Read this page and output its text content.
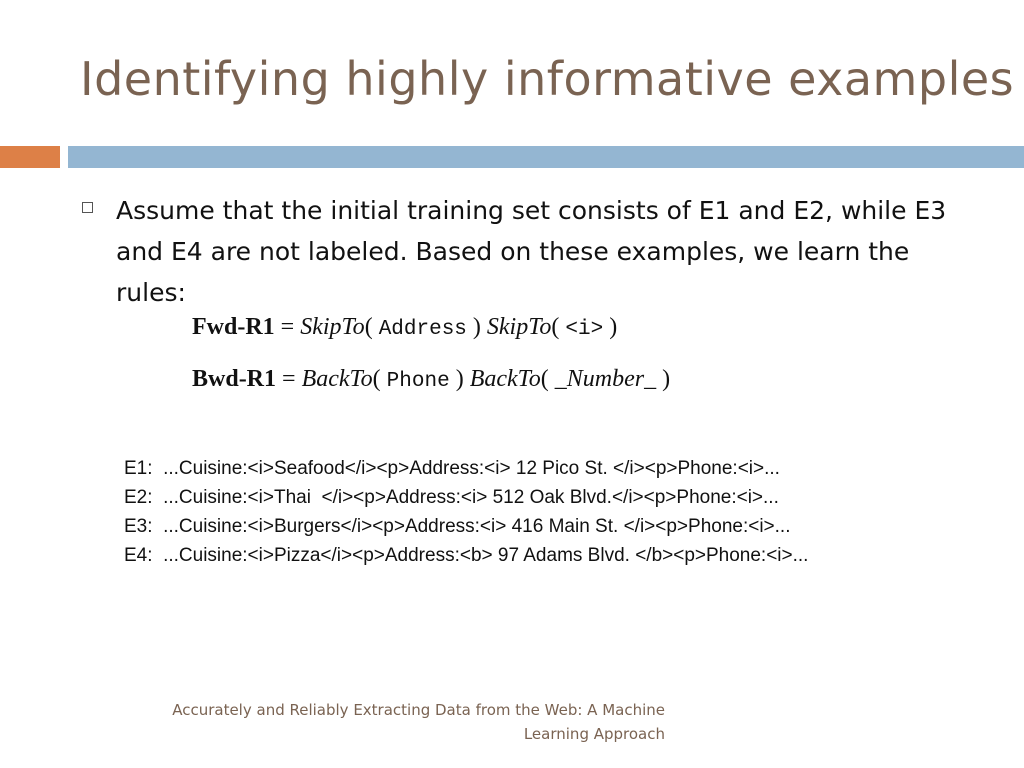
Identifying highly informative examples
Assume that the initial training set consists of E1 and E2, while E3 and E4 are not labeled. Based on these examples, we learn the rules:
Fwd-R1 = SkipTo( Address ) SkipTo( <i> )
Bwd-R1 = BackTo( Phone ) BackTo( _Number_ )
E1:  ...Cuisine:<i>Seafood</i><p>Address:<i> 12 Pico St. </i><p>Phone:<i>...
E2:  ...Cuisine:<i>Thai  </i><p>Address:<i> 512 Oak Blvd.</i><p>Phone:<i>...
E3:  ...Cuisine:<i>Burgers</i><p>Address:<i> 416 Main St. </i><p>Phone:<i>...
E4:  ...Cuisine:<i>Pizza</i><p>Address:<b> 97 Adams Blvd. </b><p>Phone:<i>...
Accurately and Reliably Extracting Data from the Web: A Machine
Learning Approach
